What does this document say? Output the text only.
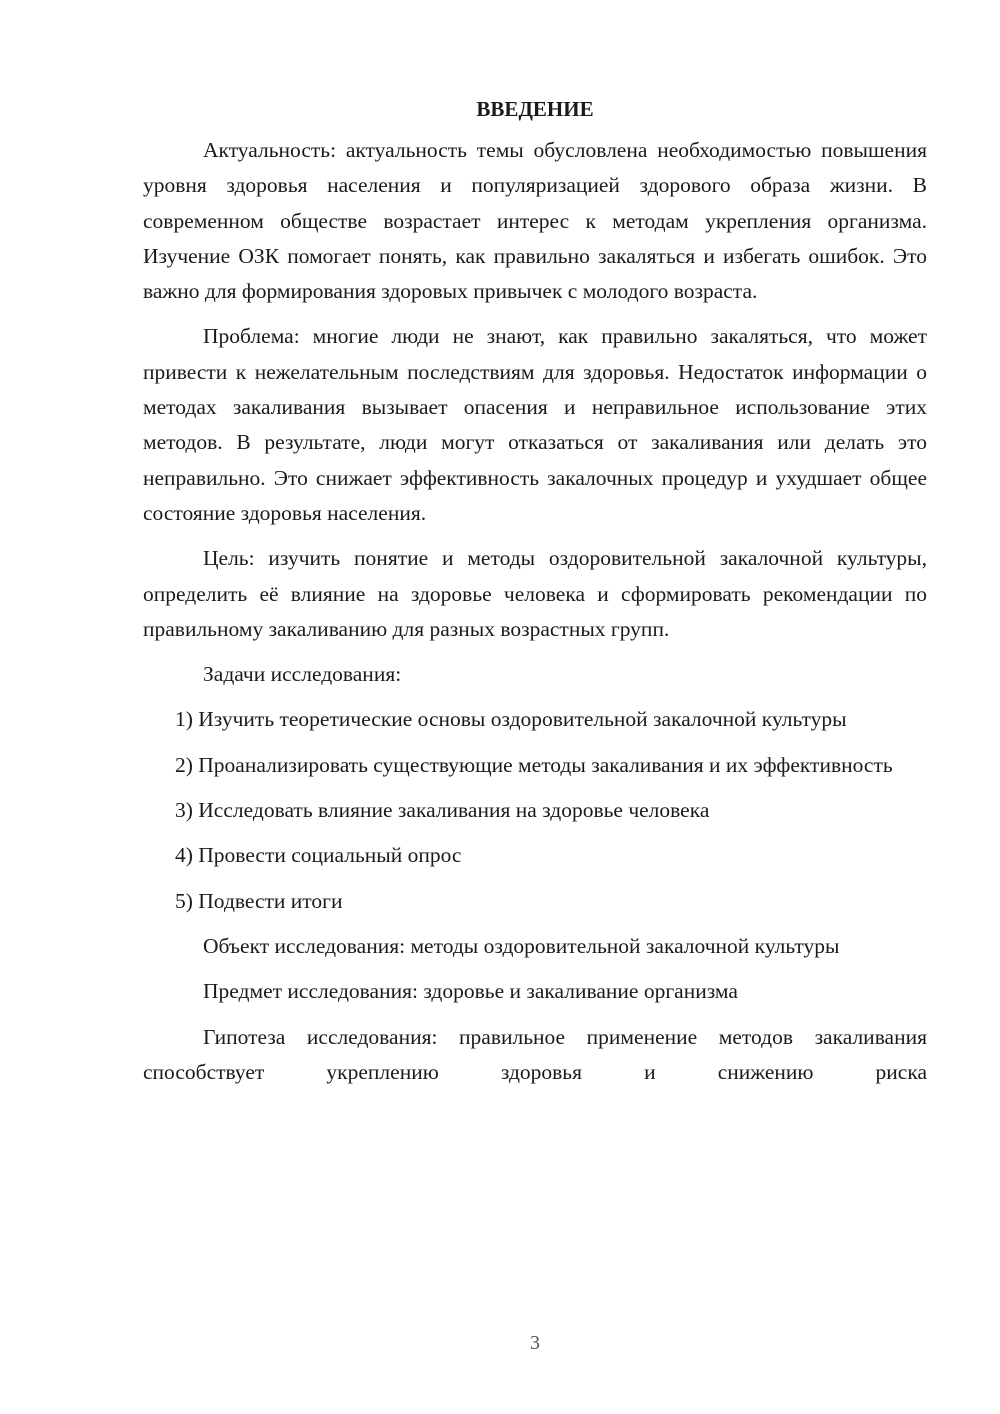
ВВЕДЕНИЕ

Актуальность: актуальность темы обусловлена необходимостью повышения уровня здоровья населения и популяризацией здорового образа жизни. В современном обществе возрастает интерес к методам укрепления организма. Изучение ОЗК помогает понять, как правильно закаляться и избегать ошибок. Это важно для формирования здоровых привычек с молодого возраста.

Проблема: многие люди не знают, как правильно закаляться, что может привести к нежелательным последствиям для здоровья. Недостаток информации о методах закаливания вызывает опасения и неправильное использование этих методов. В результате, люди могут отказаться от закаливания или делать это неправильно. Это снижает эффективность закалочных процедур и ухудшает общее состояние здоровья населения.

Цель: изучить понятие и методы оздоровительной закалочной культуры, определить её влияние на здоровье человека и сформировать рекомендации по правильному закаливанию для разных возрастных групп.

Задачи исследования:

1) Изучить теоретические основы оздоровительной закалочной культуры

2) Проанализировать существующие методы закаливания и их эффективность

3) Исследовать влияние закаливания на здоровье человека

4) Провести социальный опрос

5) Подвести итоги

Объект исследования: методы оздоровительной закалочной культуры

Предмет исследования: здоровье и закаливание организма

Гипотеза исследования: правильное применение методов закаливания способствует укреплению здоровья и снижению риска

3
